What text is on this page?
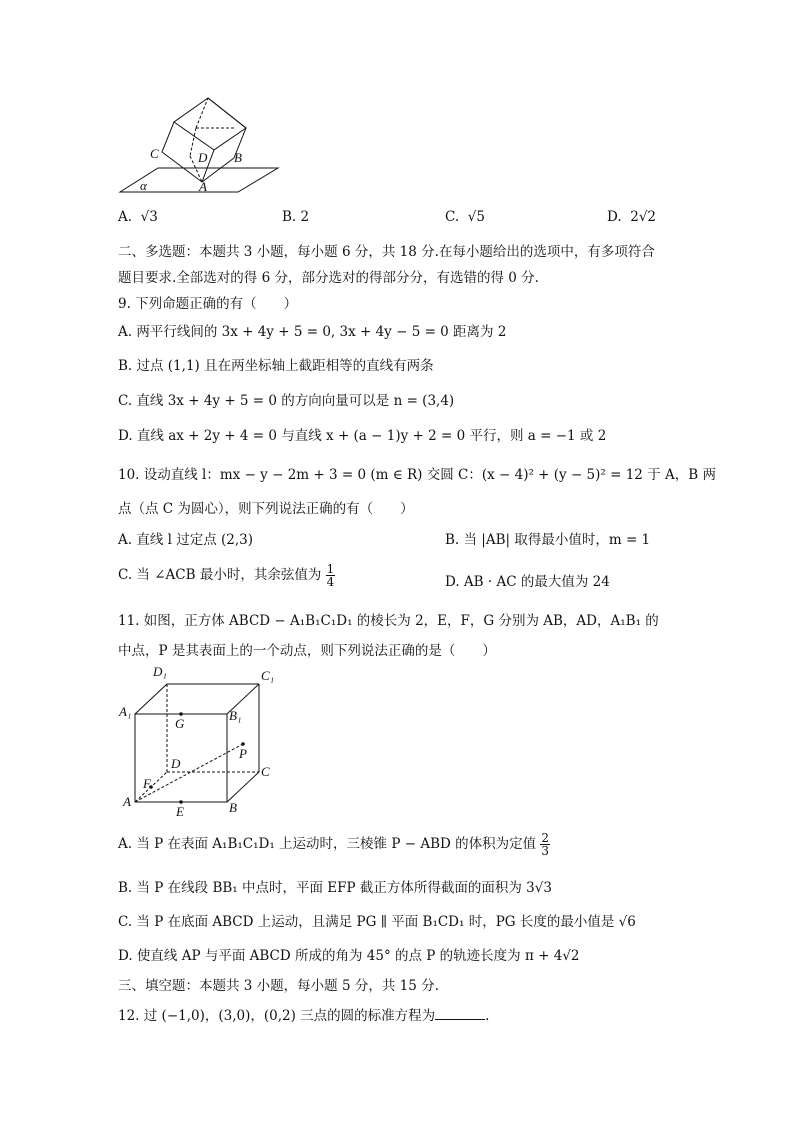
C	D B
A
α
A. √3	B. 2	C. √5	D. 2√2
二、多选题：本题共 3 小题，每小题 6 分，共 18 分.在每小题给出的选项中，有多项符合
题目要求.全部选对的得 6 分，部分选对的得部分分，有选错的得 0 分.
9. 下列命题正确的有（　　）
A. 两平行线间的 3x + 4y + 5 = 0, 3x + 4y − 5 = 0 距离为 2
B. 过点 (1,1) 且在两坐标轴上截距相等的直线有两条
C. 直线 3x + 4y + 5 = 0 的方向向量可以是 n = (3,4)
D. 直线 ax + 2y + 4 = 0 与直线 x + (a − 1)y + 2 = 0 平行，则 a = −1 或 2
10. 设动直线 l：mx − y − 2m + 3 = 0 (m ∈ R) 交圆 C：(x − 4)² + (y − 5)² = 12 于 A，B 两
点（点 C 为圆心），则下列说法正确的有（　　）
A. 直线 l 过定点 (2,3)	B. 当 |AB| 取得最小值时，m = 1
C. 当 ∠ACB 最小时，其余弦值为 $\frac{1}{4}$	D. AB · AC 的最大值为 24
11. 如图，正方体 ABCD − A₁B₁C₁D₁ 的棱长为 2，E，F，G 分别为 AB，AD，A₁B₁ 的
中点，P 是其表面上的一个动点，则下列说法正确的是（　　）
D₁	C₁
A₁	B₁
G
P
D
C
F
A
E	B
A. 当 P 在表面 A₁B₁C₁D₁ 上运动时，三棱锥 P − ABD 的体积为定值 $\frac{2}{3}$
B. 当 P 在线段 BB₁ 中点时，平面 EFP 截正方体所得截面的面积为 3√3
C. 当 P 在底面 ABCD 上运动，且满足 PG ∥ 平面 B₁CD₁ 时，PG 长度的最小值是 √6
D. 使直线 AP 与平面 ABCD 所成的角为 45° 的点 P 的轨迹长度为 π + 4√2
三、填空题：本题共 3 小题，每小题 5 分，共 15 分.
12. 过 (−1,0)，(3,0)，(0,2) 三点的圆的标准方程为	.
